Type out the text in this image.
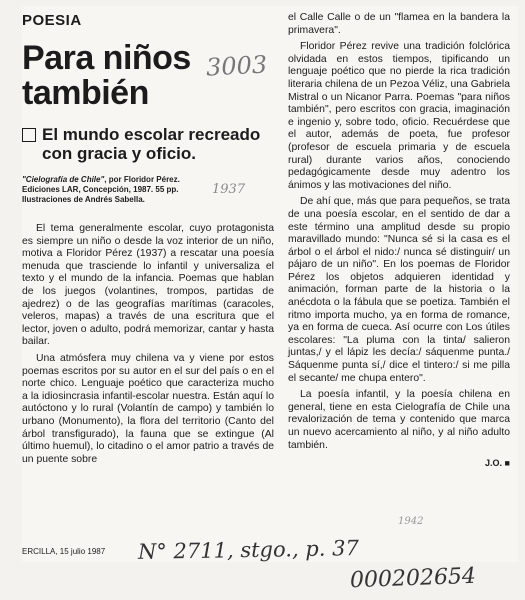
POESIA
Para niños
también
El mundo escolar recreado con gracia y oficio.
"Cielografía de Chile", por Floridor Pérez. Ediciones LAR, Concepción, 1987. 55 pp. Ilustraciones de Andrés Sabella.

El tema generalmente escolar, cuyo protagonista es siempre un niño o desde la voz interior de un niño, motiva a Floridor Pérez (1937) a rescatar una poesía menuda que trasciende lo infantil y universaliza el texto y el mundo de la infancia. Poemas que hablan de los juegos (volantines, trompos, partidas de ajedrez) o de las geografías marítimas (caracoles, veleros, mapas) a través de una escritura que el lector, joven o adulto, podrá memorizar, cantar y hasta bailar.

Una atmósfera muy chilena va y viene por estos poemas escritos por su autor en el sur del país o en el norte chico. Lenguaje poético que caracteriza mucho a la idiosincrasia infantil-escolar nuestra. Están aquí lo autóctono y lo rural (Volantín de campo) y también lo urbano (Monumento), la flora del territorio (Canto del árbol transfigurado), la fauna que se extingue (Al último huemul), lo citadino o el amor patrio a través de un puente sobre

el Calle Calle o de un "flamea en la bandera la primavera".

Floridor Pérez revive una tradición folclórica olvidada en estos tiempos, tipificando un lenguaje poético que no pierde la rica tradición literaria chilena de un Pezoa Véliz, una Gabriela Mistral o un Nicanor Parra. Poemas "para niños también", pero escritos con gracia, imaginación e ingenio y, sobre todo, oficio. Recuérdese que el autor, además de poeta, fue profesor (profesor de escuela primaria y de escuela rural) durante varios años, conociendo pedagógicamente desde muy adentro los ánimos y las motivaciones del niño.

De ahí que, más que para pequeños, se trata de una poesía escolar, en el sentido de dar a este término una amplitud desde su propio maravillado mundo: "Nunca sé si la casa es el árbol o el árbol el nido:/ nunca sé distinguir/ un pájaro de un niño". En los poemas de Floridor Pérez los objetos adquieren identidad y animación, forman parte de la historia o la anécdota o la fábula que se poetiza. También el ritmo importa mucho, ya en forma de romance, ya en forma de cueca. Así ocurre con Los útiles escolares: "La pluma con la tinta/ salieron juntas,/ y el lápiz les decía:/ sáquenme punta./ Sáquenme punta sí,/ dice el tintero:/ si me pilla el secante/ me chupa entero".

La poesía infantil, y la poesía chilena en general, tiene en esta Cielografía de Chile una revalorización de tema y contenido que marca un nuevo acercamiento al niño, y al niño adulto también.

J.O. ■
ERCILLA, 15 julio 1987
3003
1937
1942
N° 2711, stgo., p. 37
000202654
